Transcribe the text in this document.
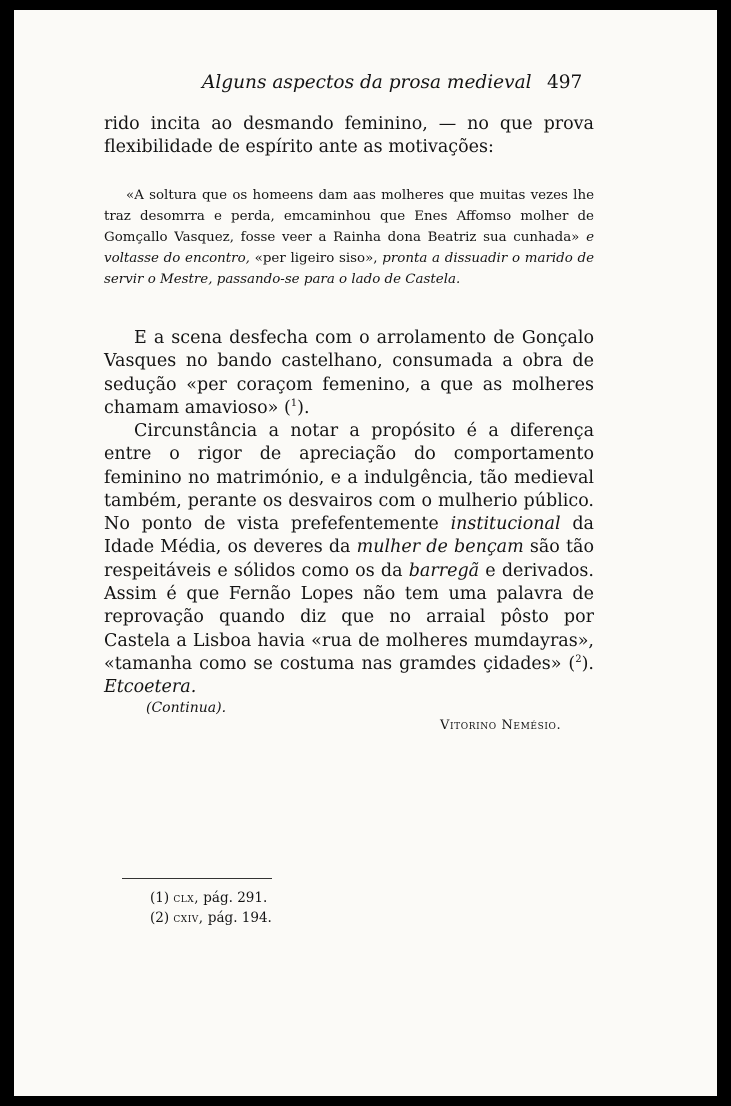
Alguns aspectos da prosa medieval 497

rido incita ao desmando feminino, — no que prova flexibilidade de espírito ante as motivações:

«A soltura que os homeens dam aas molheres que muitas vezes lhe traz desomrra e perda, emcaminhou que Enes Affomso molher de Gomçallo Vasquez, fosse veer a Rainha dona Beatriz sua cunhada» e voltasse do encontro, «per ligeiro siso», pronta a dissuadir o marido de servir o Mestre, passando-se para o lado de Castela.

E a scena desfecha com o arrolamento de Gonçalo Vasques no bando castelhano, consumada a obra de sedução «per coraçom femenino, a que as molheres chamam amavioso» ($^1$).

Circunstância a notar a propósito é a diferença entre o rigor de apreciação do comportamento feminino no matrimónio, e a indulgência, tão medieval também, perante os desvairos com o mulherio público. No ponto de vista prefefentemente institucional da Idade Média, os deveres da mulher de bençam são tão respeitáveis e sólidos como os da barregã e derivados. Assim é que Fernão Lopes não tem uma palavra de reprovação quando diz que no arraial pôsto por Castela a Lisboa havia «rua de molheres mumdayras», «tamanha como se costuma nas gramdes çidades» ($^2$). Etcoetera.

(Continua).
Vitorino Nemésio.
(1) clx, pág. 291.
(2) cxiv, pág. 194.
